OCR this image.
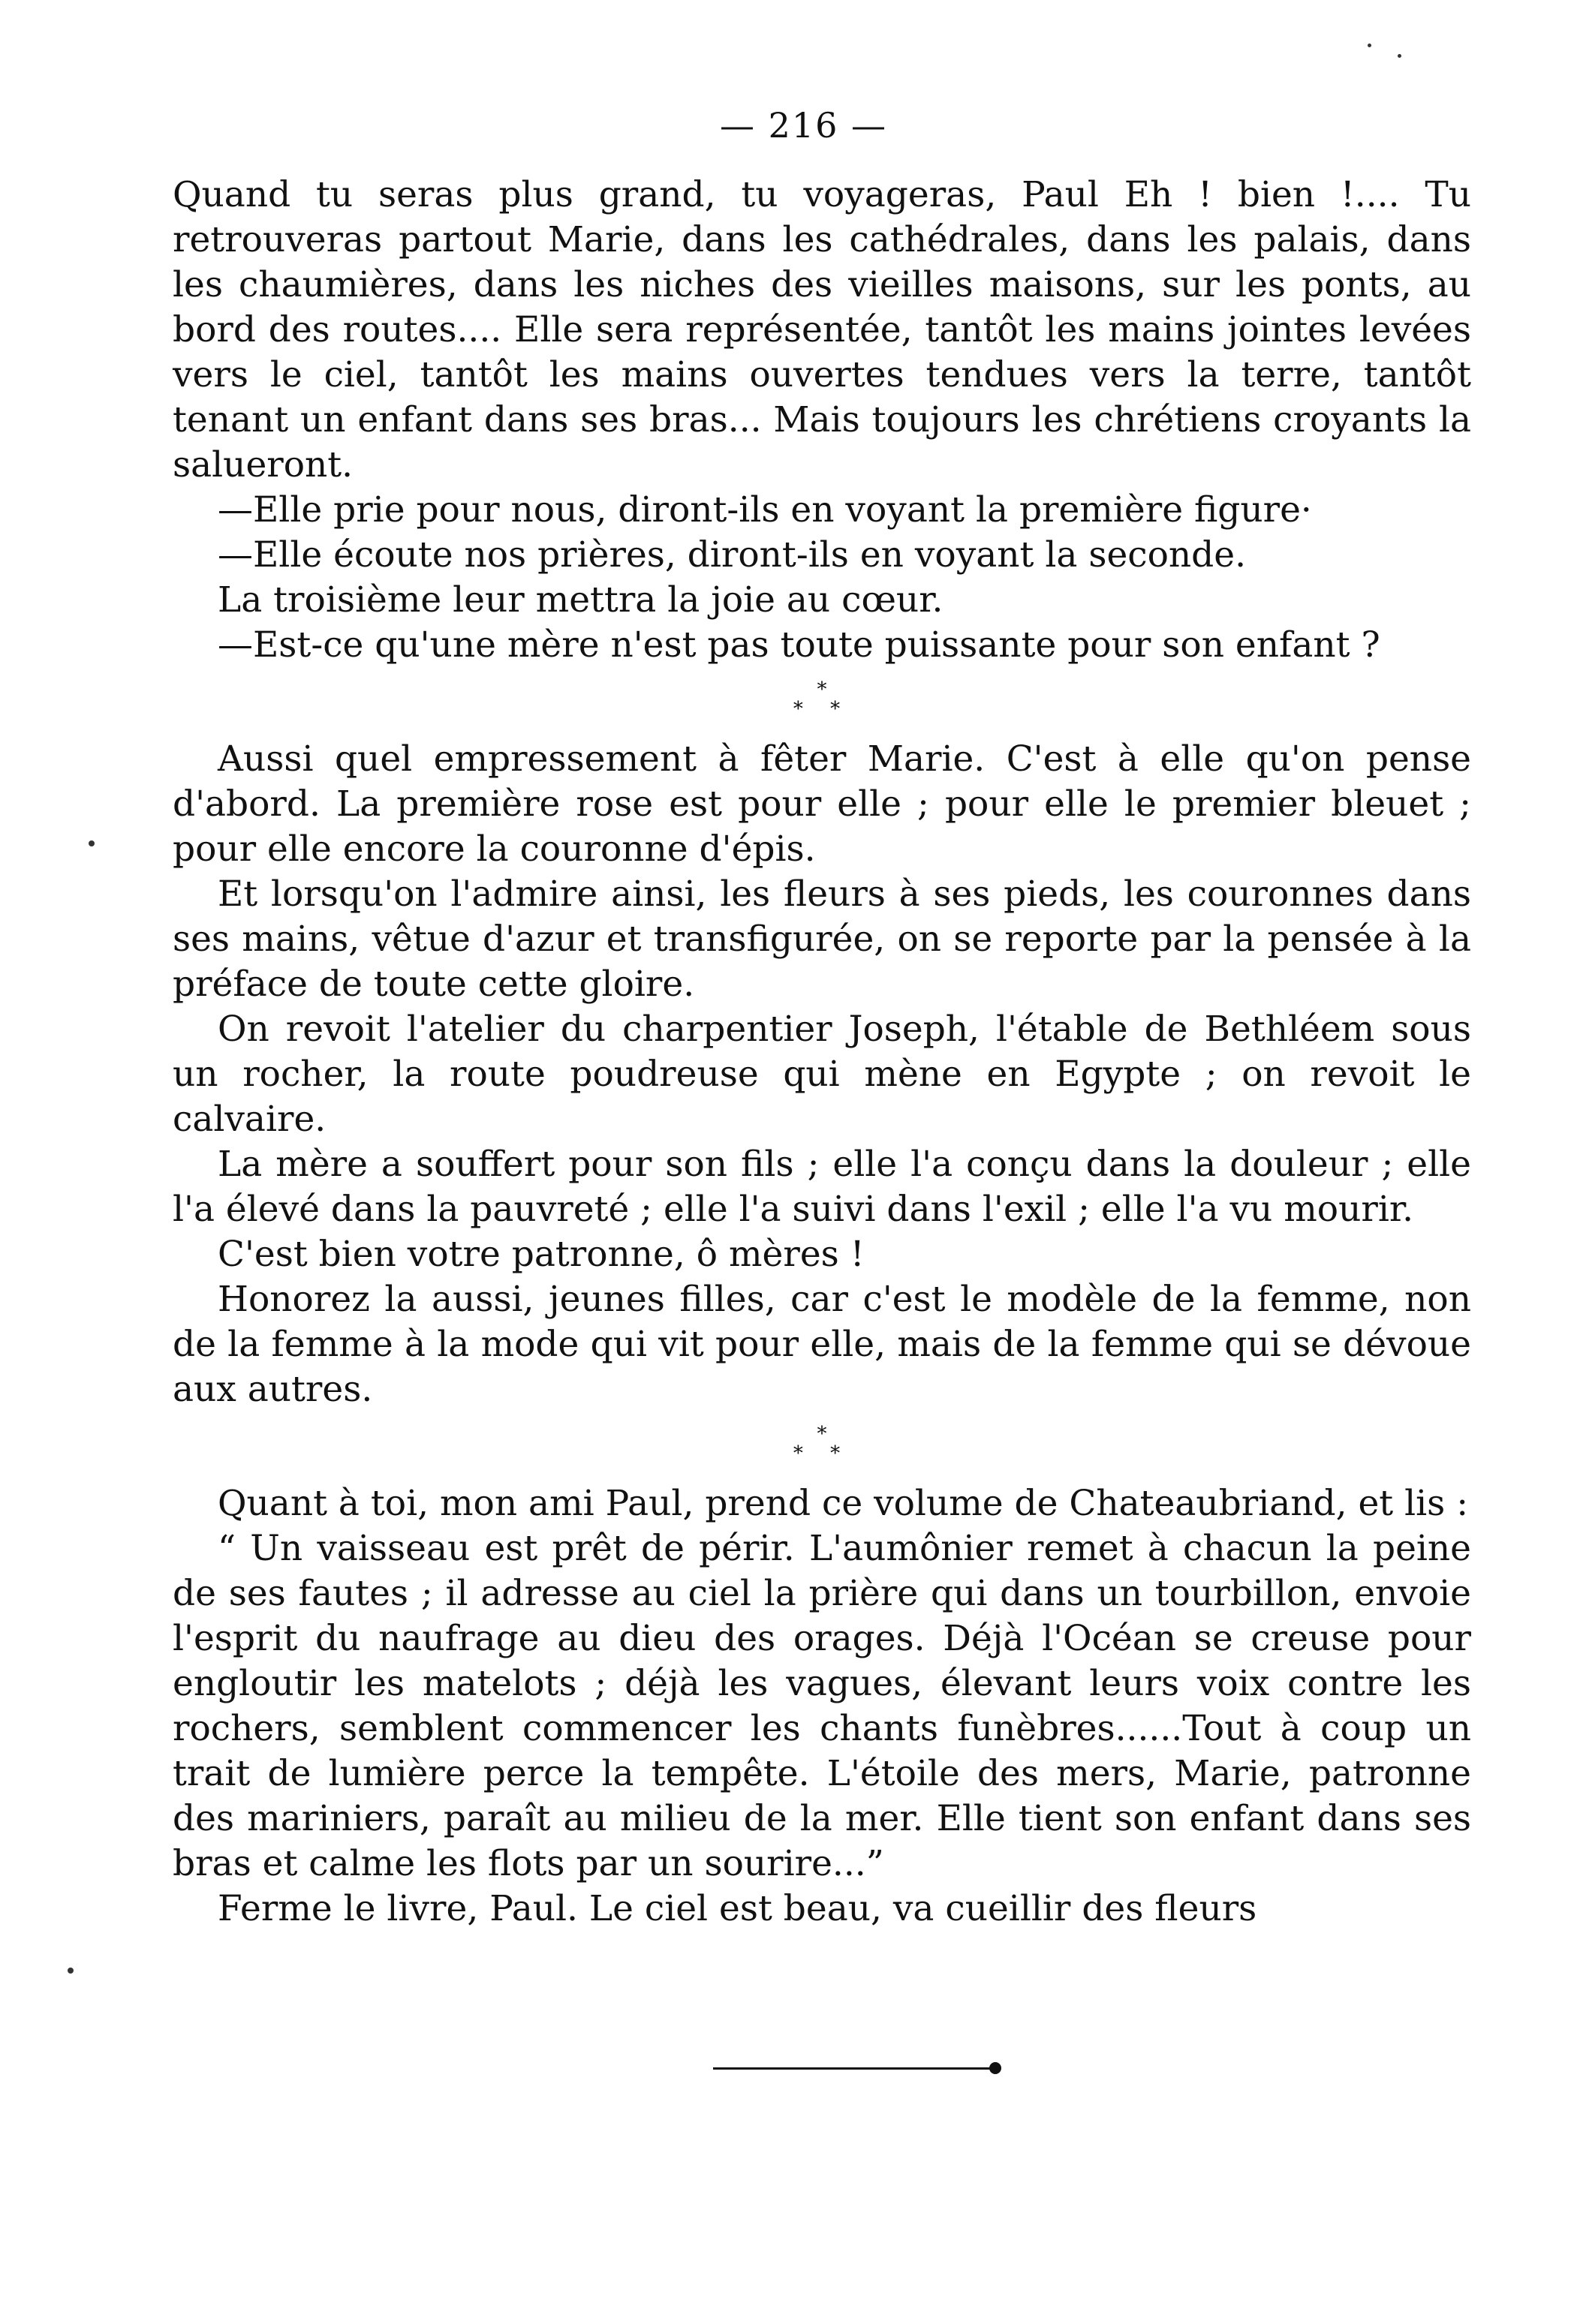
— 216 —

Quand tu seras plus grand, tu voyageras, Paul Eh ! bien !.... Tu retrouveras partout Marie, dans les cathédrales, dans les palais, dans les chaumières, dans les niches des vieilles maisons, sur les ponts, au bord des routes.... Elle sera représentée, tantôt les mains jointes levées vers le ciel, tantôt les mains ouvertes tendues vers la terre, tantôt tenant un enfant dans ses bras... Mais toujours les chrétiens croyants la salueront.

—Elle prie pour nous, diront-ils en voyant la première figure·

—Elle écoute nos prières, diront-ils en voyant la seconde.

La troisième leur mettra la joie au cœur.

—Est-ce qu'une mère n'est pas toute puissante pour son enfant ?

*
* *

Aussi quel empressement à fêter Marie. C'est à elle qu'on pense d'abord. La première rose est pour elle ; pour elle le premier bleuet ; pour elle encore la couronne d'épis.

Et lorsqu'on l'admire ainsi, les fleurs à ses pieds, les couronnes dans ses mains, vêtue d'azur et transfigurée, on se reporte par la pensée à la préface de toute cette gloire.

On revoit l'atelier du charpentier Joseph, l'étable de Bethléem sous un rocher, la route poudreuse qui mène en Egypte ; on revoit le calvaire.

La mère a souffert pour son fils ; elle l'a conçu dans la douleur ; elle l'a élevé dans la pauvreté ; elle l'a suivi dans l'exil ; elle l'a vu mourir.

C'est bien votre patronne, ô mères !

Honorez la aussi, jeunes filles, car c'est le modèle de la femme, non de la femme à la mode qui vit pour elle, mais de la femme qui se dévoue aux autres.

*
* *

Quant à toi, mon ami Paul, prend ce volume de Chateaubriand, et lis :

“ Un vaisseau est prêt de périr. L'aumônier remet à chacun la peine de ses fautes ; il adresse au ciel la prière qui dans un tourbillon, envoie l'esprit du naufrage au dieu des orages. Déjà l'Océan se creuse pour engloutir les matelots ; déjà les vagues, élevant leurs voix contre les rochers, semblent commencer les chants funèbres......Tout à coup un trait de lumière perce la tempête. L'étoile des mers, Marie, patronne des mariniers, paraît au milieu de la mer. Elle tient son enfant dans ses bras et calme les flots par un sourire...”

Ferme le livre, Paul. Le ciel est beau, va cueillir des fleurs
